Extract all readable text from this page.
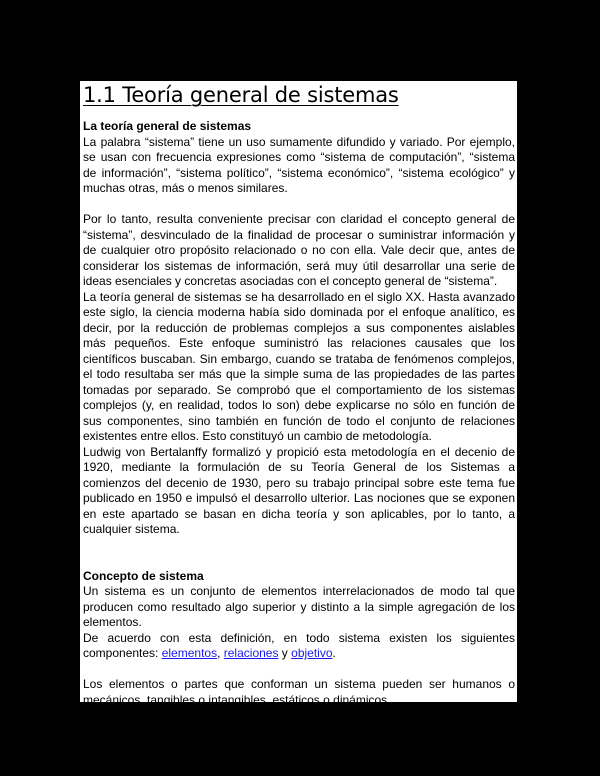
1.1 Teoría general de sistemas

La teoría general de sistemas

La palabra “sistema” tiene un uso sumamente difundido y variado. Por ejemplo, se usan con frecuencia expresiones como “sistema de computación”, “sistema de información”, “sistema político”, “sistema económico”, “sistema ecológico” y muchas otras, más o menos similares.

Por lo tanto, resulta conveniente precisar con claridad el concepto general de “sistema”, desvinculado de la finalidad de procesar o suministrar información y de cualquier otro propósito relacionado o no con ella. Vale decir que, antes de considerar los sistemas de información, será muy útil desarrollar una serie de ideas esenciales y concretas asociadas con el concepto general de “sistema”.

La teoría general de sistemas se ha desarrollado en el siglo XX. Hasta avanzado este siglo, la ciencia moderna había sido dominada por el enfoque analítico, es decir, por la reducción de problemas complejos a sus componentes aislables más pequeños. Este enfoque suministró las relaciones causales que los científicos buscaban. Sin embargo, cuando se trataba de fenómenos complejos, el todo resultaba ser más que la simple suma de las propiedades de las partes tomadas por separado. Se comprobó que el comportamiento de los sistemas complejos (y, en realidad, todos lo son) debe explicarse no sólo en función de sus componentes, sino también en función de todo el conjunto de relaciones existentes entre ellos. Esto constituyó un cambio de metodología.

Ludwig von Bertalanffy formalizó y propició esta metodología en el decenio de 1920, mediante la formulación de su Teoría General de los Sistemas a comienzos del decenio de 1930, pero su trabajo principal sobre este tema fue publicado en 1950 e impulsó el desarrollo ulterior. Las nociones que se exponen en este apartado se basan en dicha teoría y son aplicables, por lo tanto, a cualquier sistema.

Concepto de sistema

Un sistema es un conjunto de elementos interrelacionados de modo tal que producen como resultado algo superior y distinto a la simple agregación de los elementos.

De acuerdo con esta definición, en todo sistema existen los siguientes componentes: elementos, relaciones y objetivo.

Los elementos o partes que conforman un sistema pueden ser humanos o mecánicos, tangibles o intangibles, estáticos o dinámicos.

Las relaciones entre los elementos son las que hacen que todo sistema sea complejo. La importancia de las relaciones, tanto en el análisis y el diseño como en el comportamiento del sistema, es fundamental. Se considera que los elementos no relacionados no forman parte del sistema. Se pueden observar
